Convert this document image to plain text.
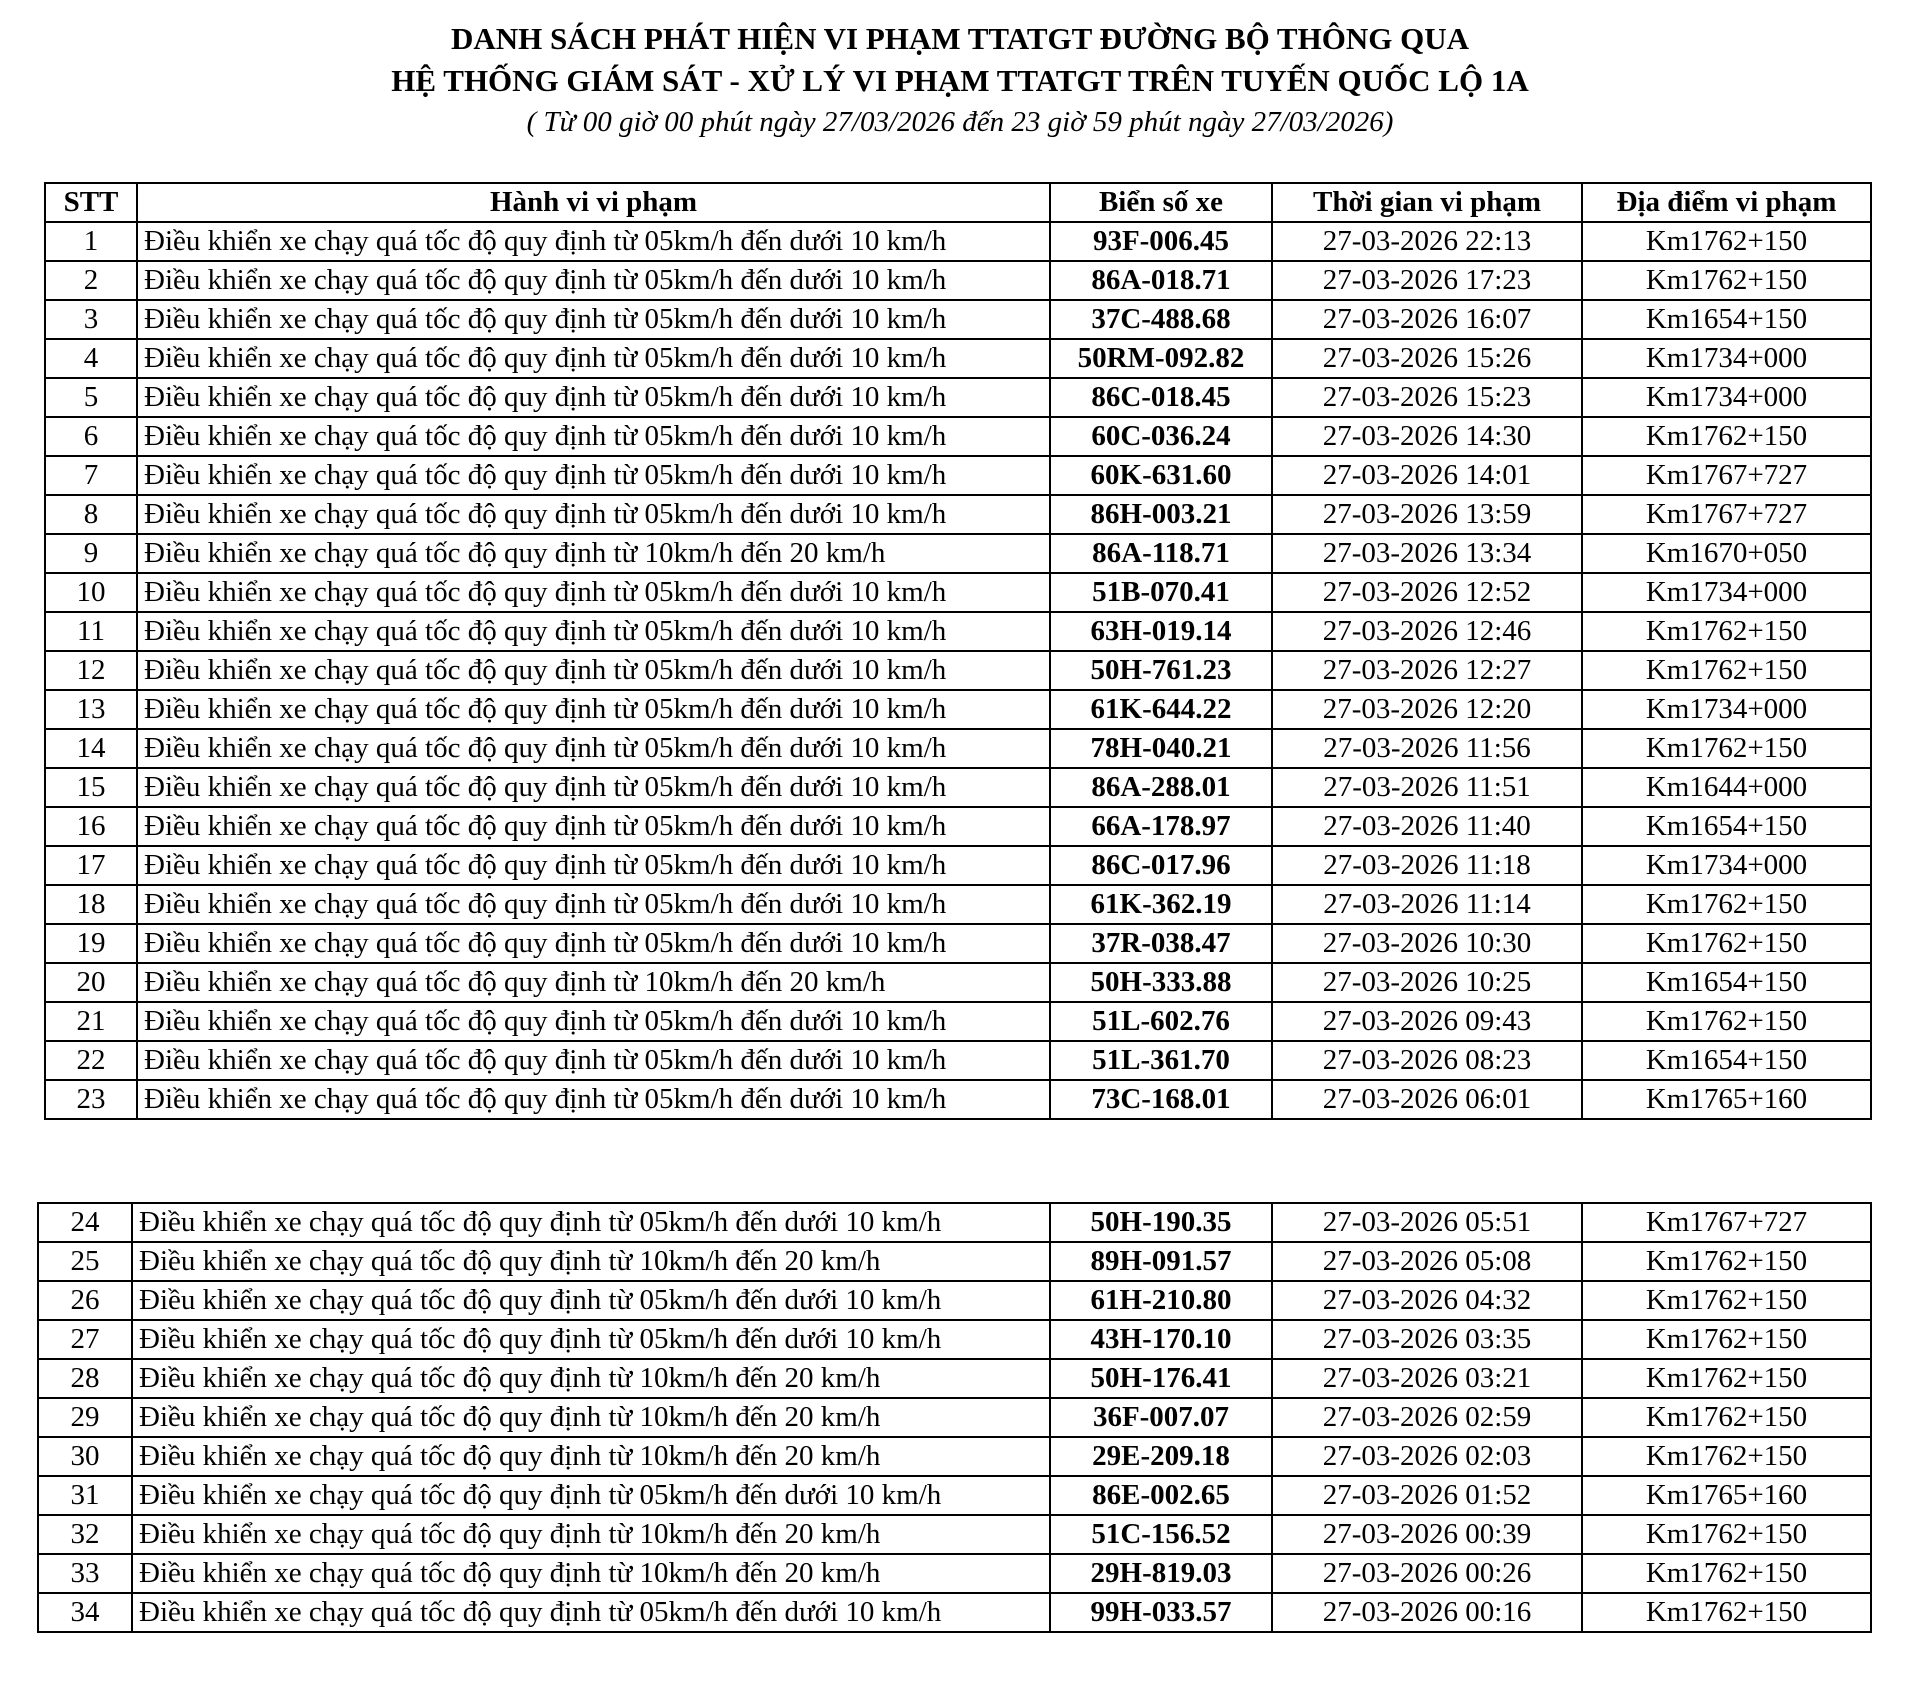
DANH SÁCH PHÁT HIỆN VI PHẠM TTATGT ĐƯỜNG BỘ THÔNG QUA
HỆ THỐNG GIÁM SÁT - XỬ LÝ VI PHẠM TTATGT TRÊN TUYẾN QUỐC LỘ 1A
( Từ 00 giờ 00 phút ngày 27/03/2026 đến 23 giờ 59 phút ngày 27/03/2026)
STT	Hành vi vi phạm	Biển số xe	Thời gian vi phạm	Địa điểm vi phạm
1	Điều khiển xe chạy quá tốc độ quy định từ 05km/h đến dưới 10 km/h	93F-006.45	27-03-2026 22:13	Km1762+150
2	Điều khiển xe chạy quá tốc độ quy định từ 05km/h đến dưới 10 km/h	86A-018.71	27-03-2026 17:23	Km1762+150
3	Điều khiển xe chạy quá tốc độ quy định từ 05km/h đến dưới 10 km/h	37C-488.68	27-03-2026 16:07	Km1654+150
4	Điều khiển xe chạy quá tốc độ quy định từ 05km/h đến dưới 10 km/h	50RM-092.82	27-03-2026 15:26	Km1734+000
5	Điều khiển xe chạy quá tốc độ quy định từ 05km/h đến dưới 10 km/h	86C-018.45	27-03-2026 15:23	Km1734+000
6	Điều khiển xe chạy quá tốc độ quy định từ 05km/h đến dưới 10 km/h	60C-036.24	27-03-2026 14:30	Km1762+150
7	Điều khiển xe chạy quá tốc độ quy định từ 05km/h đến dưới 10 km/h	60K-631.60	27-03-2026 14:01	Km1767+727
8	Điều khiển xe chạy quá tốc độ quy định từ 05km/h đến dưới 10 km/h	86H-003.21	27-03-2026 13:59	Km1767+727
9	Điều khiển xe chạy quá tốc độ quy định từ 10km/h đến 20 km/h	86A-118.71	27-03-2026 13:34	Km1670+050
10	Điều khiển xe chạy quá tốc độ quy định từ 05km/h đến dưới 10 km/h	51B-070.41	27-03-2026 12:52	Km1734+000
11	Điều khiển xe chạy quá tốc độ quy định từ 05km/h đến dưới 10 km/h	63H-019.14	27-03-2026 12:46	Km1762+150
12	Điều khiển xe chạy quá tốc độ quy định từ 05km/h đến dưới 10 km/h	50H-761.23	27-03-2026 12:27	Km1762+150
13	Điều khiển xe chạy quá tốc độ quy định từ 05km/h đến dưới 10 km/h	61K-644.22	27-03-2026 12:20	Km1734+000
14	Điều khiển xe chạy quá tốc độ quy định từ 05km/h đến dưới 10 km/h	78H-040.21	27-03-2026 11:56	Km1762+150
15	Điều khiển xe chạy quá tốc độ quy định từ 05km/h đến dưới 10 km/h	86A-288.01	27-03-2026 11:51	Km1644+000
16	Điều khiển xe chạy quá tốc độ quy định từ 05km/h đến dưới 10 km/h	66A-178.97	27-03-2026 11:40	Km1654+150
17	Điều khiển xe chạy quá tốc độ quy định từ 05km/h đến dưới 10 km/h	86C-017.96	27-03-2026 11:18	Km1734+000
18	Điều khiển xe chạy quá tốc độ quy định từ 05km/h đến dưới 10 km/h	61K-362.19	27-03-2026 11:14	Km1762+150
19	Điều khiển xe chạy quá tốc độ quy định từ 05km/h đến dưới 10 km/h	37R-038.47	27-03-2026 10:30	Km1762+150
20	Điều khiển xe chạy quá tốc độ quy định từ 10km/h đến 20 km/h	50H-333.88	27-03-2026 10:25	Km1654+150
21	Điều khiển xe chạy quá tốc độ quy định từ 05km/h đến dưới 10 km/h	51L-602.76	27-03-2026 09:43	Km1762+150
22	Điều khiển xe chạy quá tốc độ quy định từ 05km/h đến dưới 10 km/h	51L-361.70	27-03-2026 08:23	Km1654+150
23	Điều khiển xe chạy quá tốc độ quy định từ 05km/h đến dưới 10 km/h	73C-168.01	27-03-2026 06:01	Km1765+160
24	Điều khiển xe chạy quá tốc độ quy định từ 05km/h đến dưới 10 km/h	50H-190.35	27-03-2026 05:51	Km1767+727
25	Điều khiển xe chạy quá tốc độ quy định từ 10km/h đến 20 km/h	89H-091.57	27-03-2026 05:08	Km1762+150
26	Điều khiển xe chạy quá tốc độ quy định từ 05km/h đến dưới 10 km/h	61H-210.80	27-03-2026 04:32	Km1762+150
27	Điều khiển xe chạy quá tốc độ quy định từ 05km/h đến dưới 10 km/h	43H-170.10	27-03-2026 03:35	Km1762+150
28	Điều khiển xe chạy quá tốc độ quy định từ 10km/h đến 20 km/h	50H-176.41	27-03-2026 03:21	Km1762+150
29	Điều khiển xe chạy quá tốc độ quy định từ 10km/h đến 20 km/h	36F-007.07	27-03-2026 02:59	Km1762+150
30	Điều khiển xe chạy quá tốc độ quy định từ 10km/h đến 20 km/h	29E-209.18	27-03-2026 02:03	Km1762+150
31	Điều khiển xe chạy quá tốc độ quy định từ 05km/h đến dưới 10 km/h	86E-002.65	27-03-2026 01:52	Km1765+160
32	Điều khiển xe chạy quá tốc độ quy định từ 10km/h đến 20 km/h	51C-156.52	27-03-2026 00:39	Km1762+150
33	Điều khiển xe chạy quá tốc độ quy định từ 10km/h đến 20 km/h	29H-819.03	27-03-2026 00:26	Km1762+150
34	Điều khiển xe chạy quá tốc độ quy định từ 05km/h đến dưới 10 km/h	99H-033.57	27-03-2026 00:16	Km1762+150
